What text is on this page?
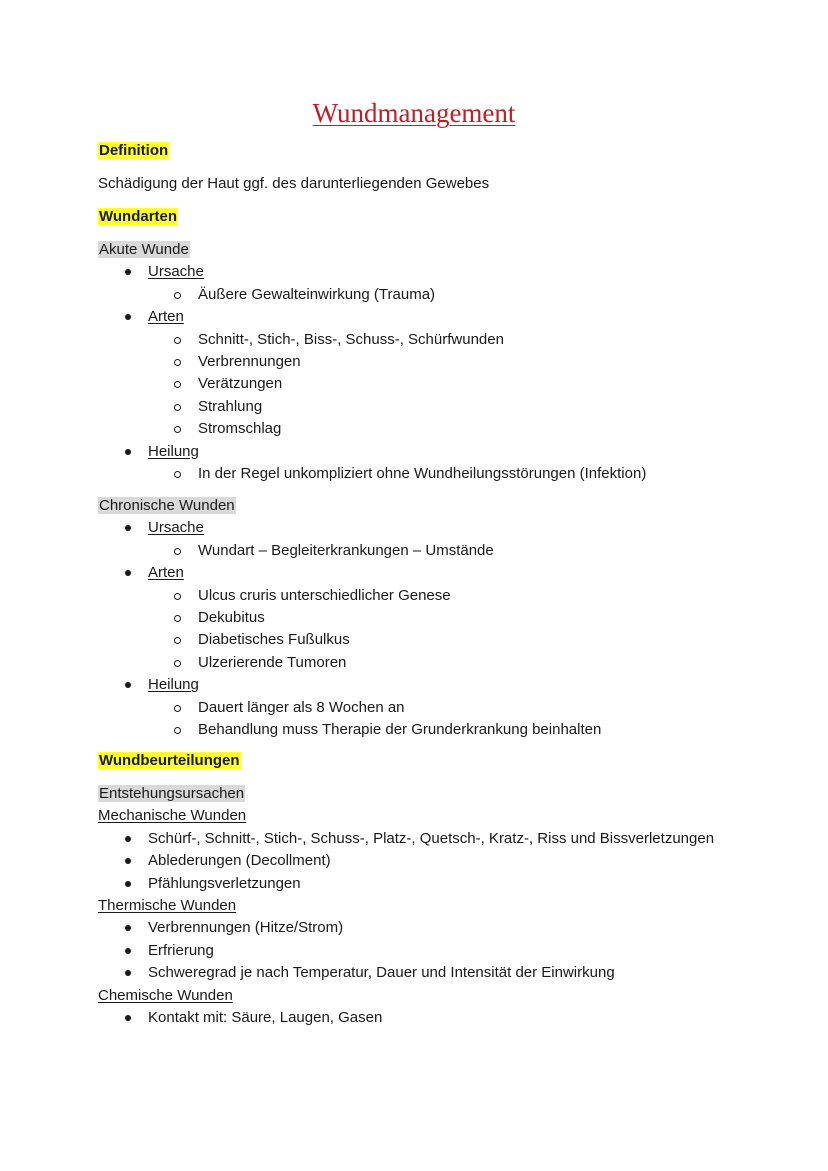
Wundmanagement
Definition
Schädigung der Haut ggf. des darunterliegenden Gewebes
Wundarten
Akute Wunde
Ursache
Äußere Gewalteinwirkung (Trauma)
Arten
Schnitt-, Stich-, Biss-, Schuss-, Schürfwunden
Verbrennungen
Verätzungen
Strahlung
Stromschlag
Heilung
In der Regel unkompliziert ohne Wundheilungsstörungen (Infektion)
Chronische Wunden
Ursache
Wundart – Begleiterkrankungen – Umstände
Arten
Ulcus cruris unterschiedlicher Genese
Dekubitus
Diabetisches Fußulkus
Ulzerierende Tumoren
Heilung
Dauert länger als 8 Wochen an
Behandlung muss Therapie der Grunderkrankung beinhalten
Wundbeurteilungen
Entstehungsursachen
Mechanische Wunden
Schürf-, Schnitt-, Stich-, Schuss-, Platz-, Quetsch-, Kratz-, Riss und Bissverletzungen
Ablederungen (Decollment)
Pfählungsverletzungen
Thermische Wunden
Verbrennungen (Hitze/Strom)
Erfrierung
Schweregrad je nach Temperatur, Dauer und Intensität der Einwirkung
Chemische Wunden
Kontakt mit: Säure, Laugen, Gasen
